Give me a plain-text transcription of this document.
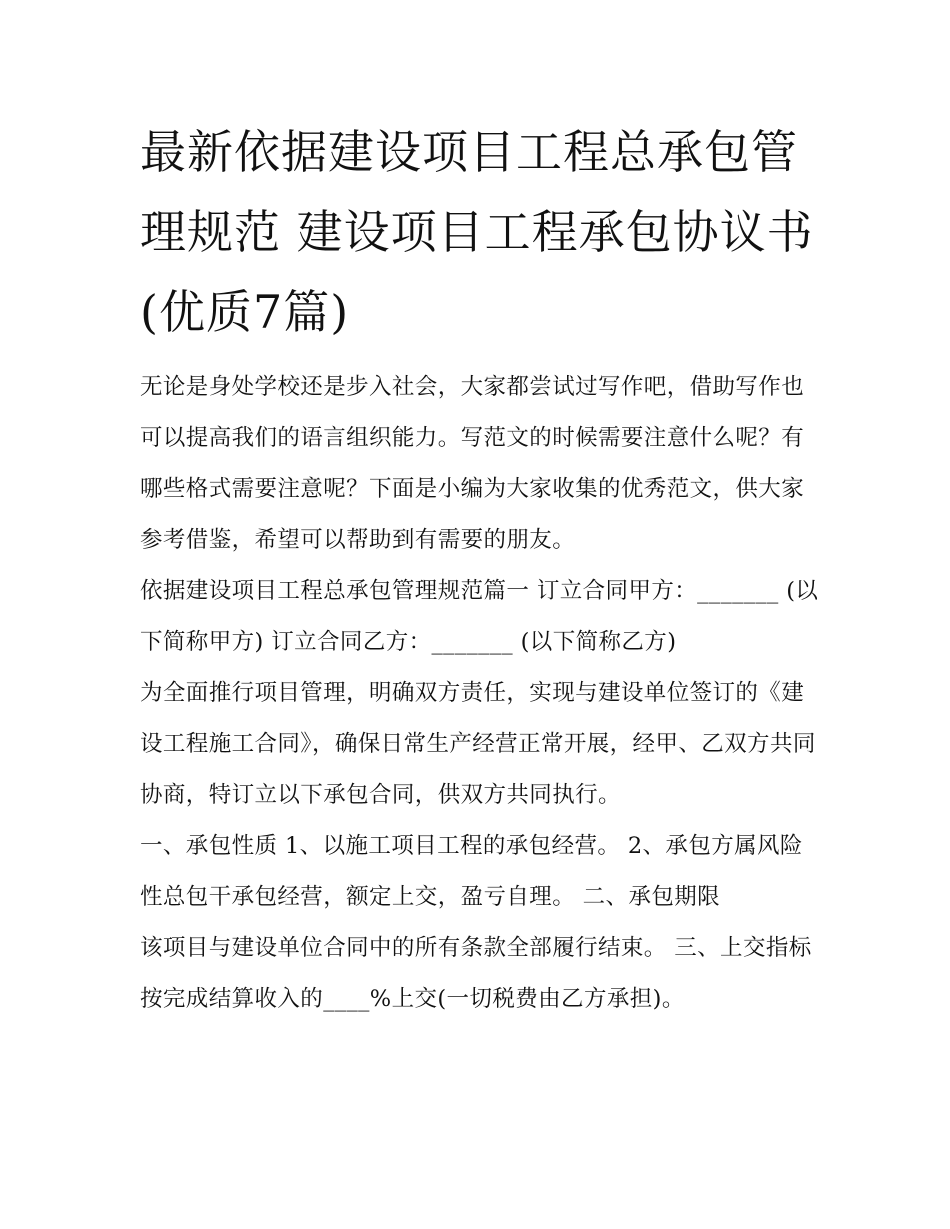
最新依据建设项目工程总承包管理规范 建设项目工程承包协议书(优质7篇)

无论是身处学校还是步入社会，大家都尝试过写作吧，借助写作也可以提高我们的语言组织能力。写范文的时候需要注意什么呢？有哪些格式需要注意呢？下面是小编为大家收集的优秀范文，供大家参考借鉴，希望可以帮助到有需要的朋友。

依据建设项目工程总承包管理规范篇一 订立合同甲方：_______ (以下简称甲方) 订立合同乙方：_______ (以下简称乙方)

为全面推行项目管理，明确双方责任，实现与建设单位签订的《建设工程施工合同》，确保日常生产经营正常开展，经甲、乙双方共同协商，特订立以下承包合同，供双方共同执行。

一、承包性质 1、以施工项目工程的承包经营。 2、承包方属风险性总包干承包经营，额定上交，盈亏自理。 二、承包期限

该项目与建设单位合同中的所有条款全部履行结束。 三、上交指标 按完成结算收入的____%上交(一切税费由乙方承担)。
